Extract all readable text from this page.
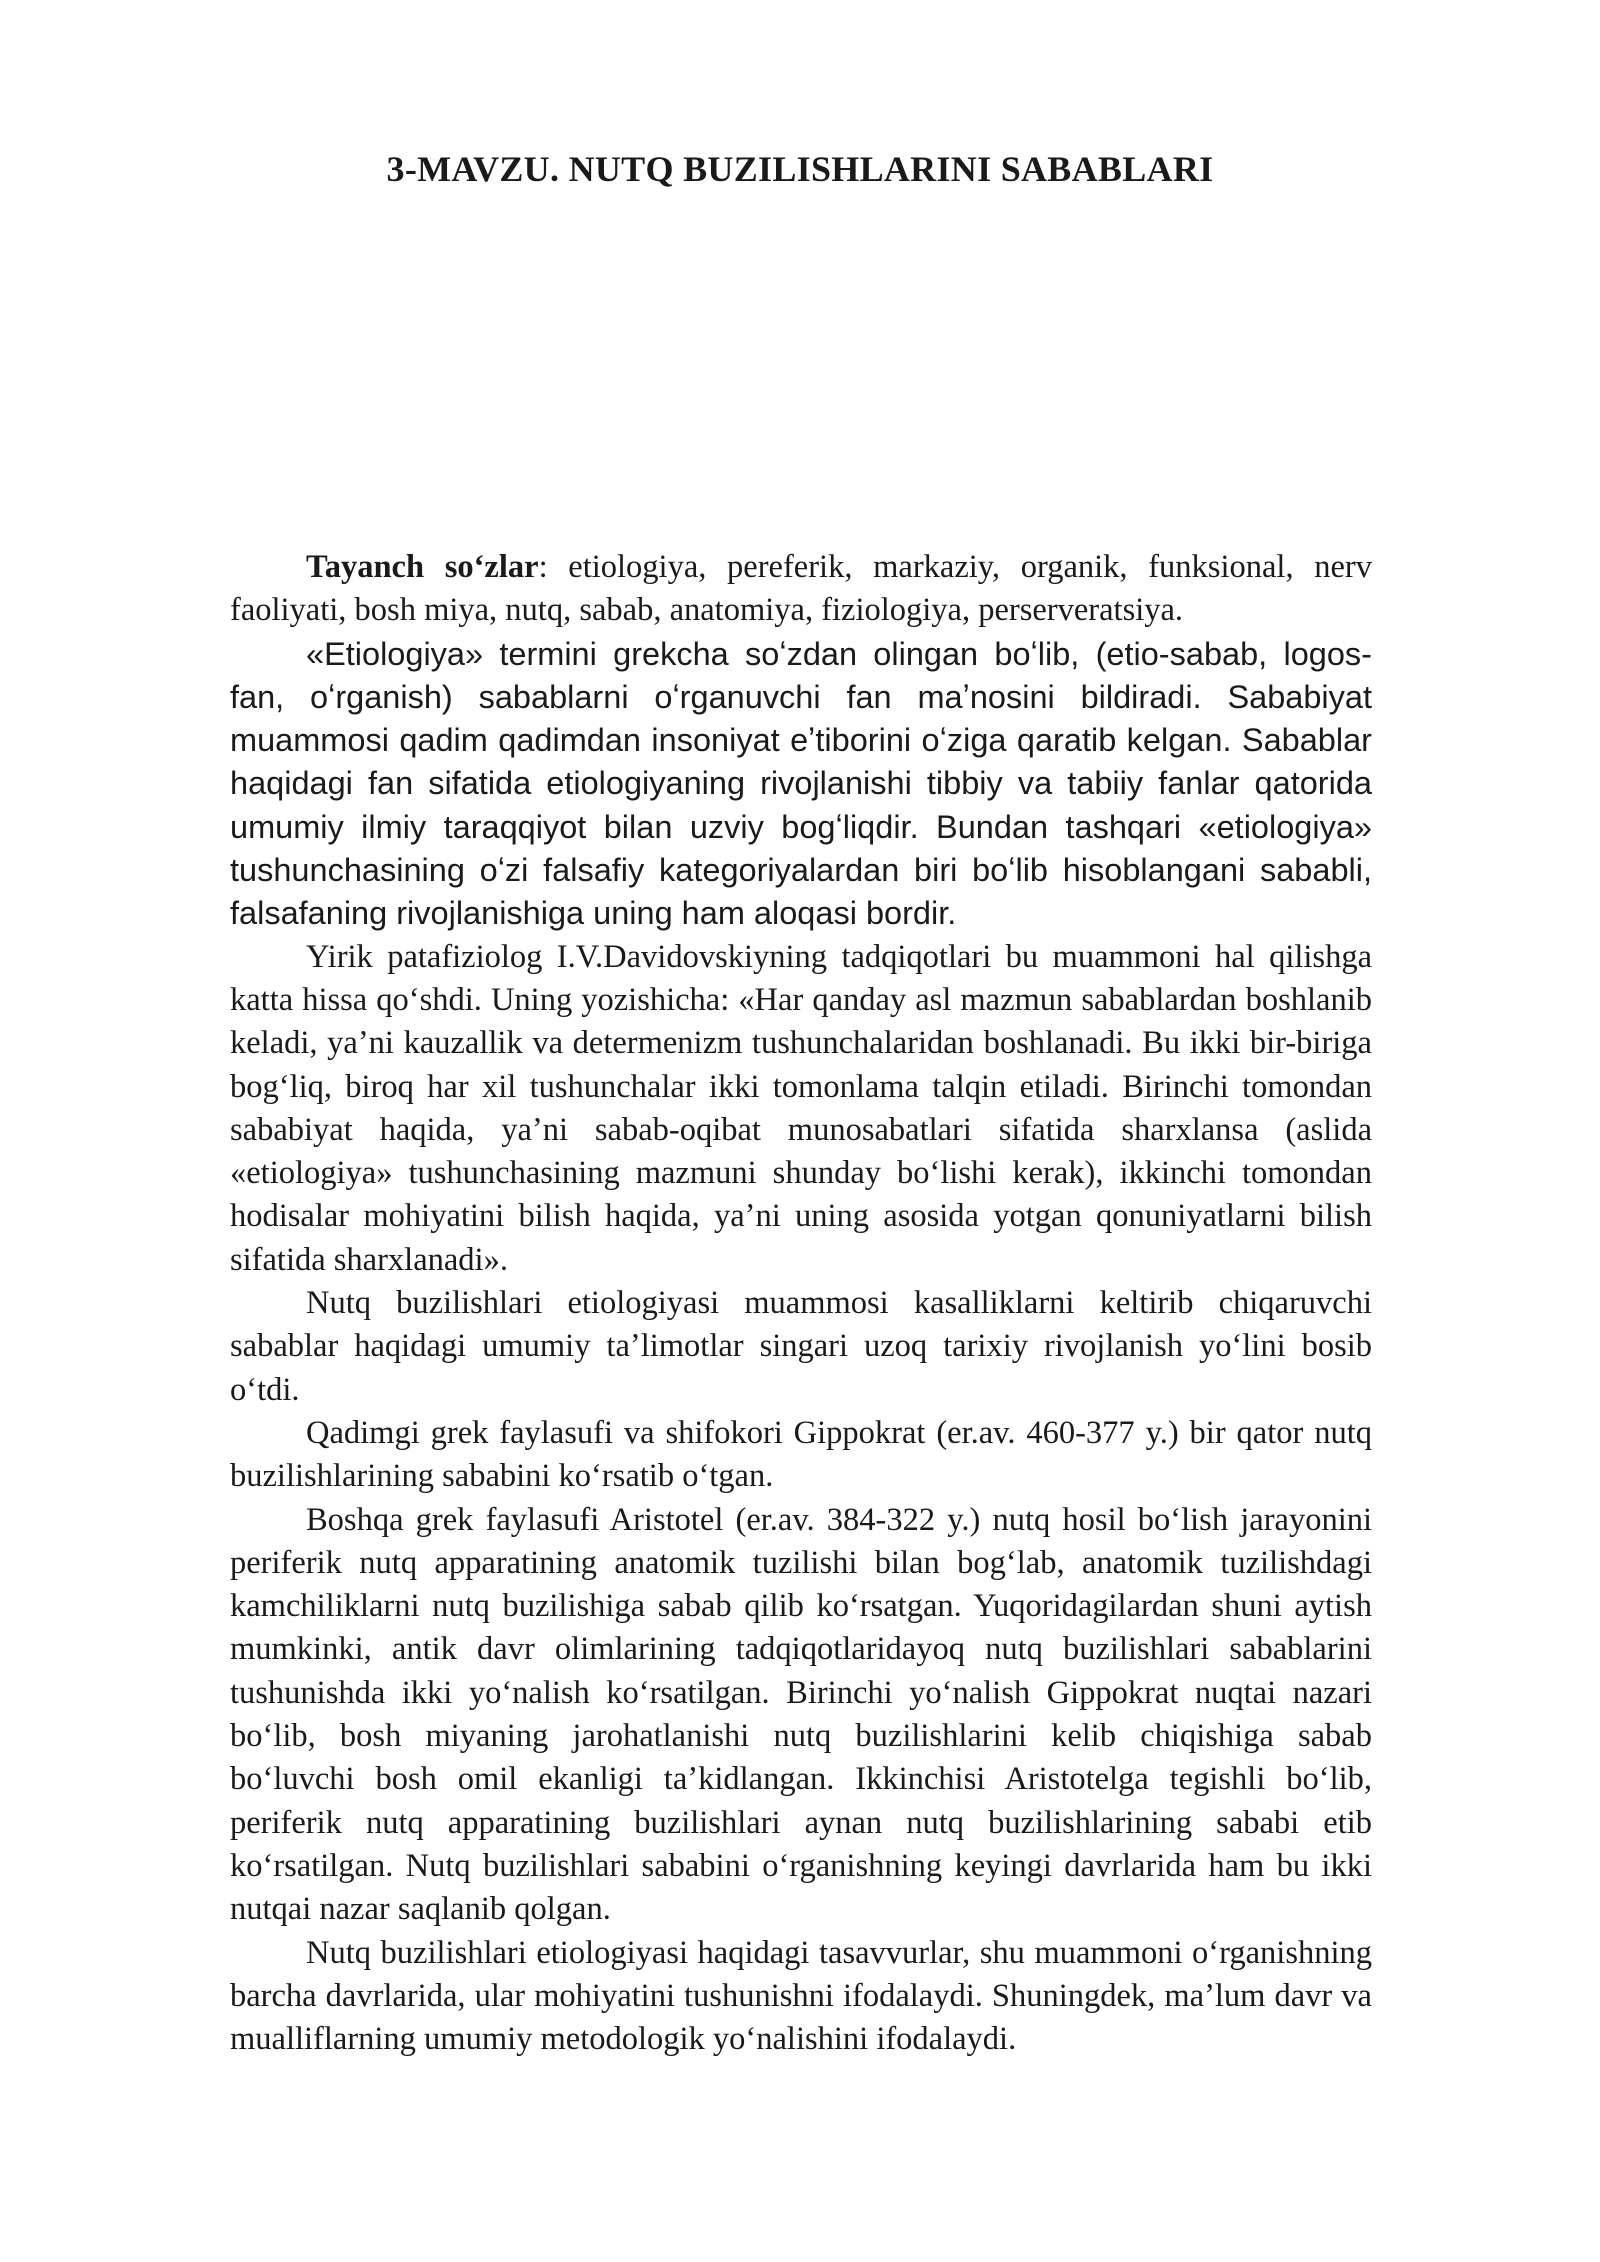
3-MAVZU. NUTQ BUZILISHLARINI SABABLARI

Tayanch soʻzlar: etiologiya, pereferik, markaziy, organik, funksional, nerv faoliyati, bosh miya, nutq, sabab, anatomiya, fiziologiya, perserveratsiya.

«Etiologiya» termini grekcha soʻzdan olingan boʻlib, (etio-sabab, logos-fan, oʻrganish) sabablarni oʻrganuvchi fan maʼnosini bildiradi. Sababiyat muammosi qadim qadimdan insoniyat eʼtiborini oʻziga qaratib kelgan. Sabablar haqidagi fan sifatida etiologiyaning rivojlanishi tibbiy va tabiiy fanlar qatorida umumiy ilmiy taraqqiyot bilan uzviy bogʻliqdir. Bundan tashqari «etiologiya» tushunchasining oʻzi falsafiy kategoriyalardan biri boʻlib hisoblangani sababli, falsafaning rivojlanishiga uning ham aloqasi bordir.

Yirik patafiziolog I.V.Davidovskiyning tadqiqotlari bu muammoni hal qilishga katta hissa qoʻshdi. Uning yozishicha: «Har qanday asl mazmun sabablardan boshlanib keladi, yaʼni kauzallik va determenizm tushunchalaridan boshlanadi. Bu ikki bir-biriga bogʻliq, biroq har xil tushunchalar ikki tomonlama talqin etiladi. Birinchi tomondan sababiyat haqida, yaʼni sabab-oqibat munosabatlari sifatida sharxlansa (aslida «etiologiya» tushunchasining mazmuni shunday boʻlishi kerak), ikkinchi tomondan hodisalar mohiyatini bilish haqida, yaʼni uning asosida yotgan qonuniyatlarni bilish sifatida sharxlanadi».

Nutq buzilishlari etiologiyasi muammosi kasalliklarni keltirib chiqaruvchi sabablar haqidagi umumiy taʼlimotlar singari uzoq tarixiy rivojlanish yoʻlini bosib oʻtdi.

Qadimgi grek faylasufi va shifokori Gippokrat (er.av. 460-377 y.) bir qator nutq buzilishlarining sababini koʻrsatib oʻtgan.

Boshqa grek faylasufi Aristotel (er.av. 384-322 y.) nutq hosil boʻlish jarayonini periferik nutq apparatining anatomik tuzilishi bilan bogʻlab, anatomik tuzilishdagi kamchiliklarni nutq buzilishiga sabab qilib koʻrsatgan. Yuqoridagilardan shuni aytish mumkinki, antik davr olimlarining tadqiqotlaridayoq nutq buzilishlari sabablarini tushunishda ikki yoʻnalish koʻrsatilgan. Birinchi yoʻnalish Gippokrat nuqtai nazari boʻlib, bosh miyaning jarohatlanishi nutq buzilishlarini kelib chiqishiga sabab boʻluvchi bosh omil ekanligi taʼkidlangan. Ikkinchisi Aristotelga tegishli boʻlib, periferik nutq apparatining buzilishlari aynan nutq buzilishlarining sababi etib koʻrsatilgan. Nutq buzilishlari sababini oʻrganishning keyingi davrlarida ham bu ikki nutqai nazar saqlanib qolgan.

Nutq buzilishlari etiologiyasi haqidagi tasavvurlar, shu muammoni oʻrganishning barcha davrlarida, ular mohiyatini tushunishni ifodalaydi. Shuningdek, maʼlum davr va mualliflarning umumiy metodologik yoʻnalishini ifodalaydi.
